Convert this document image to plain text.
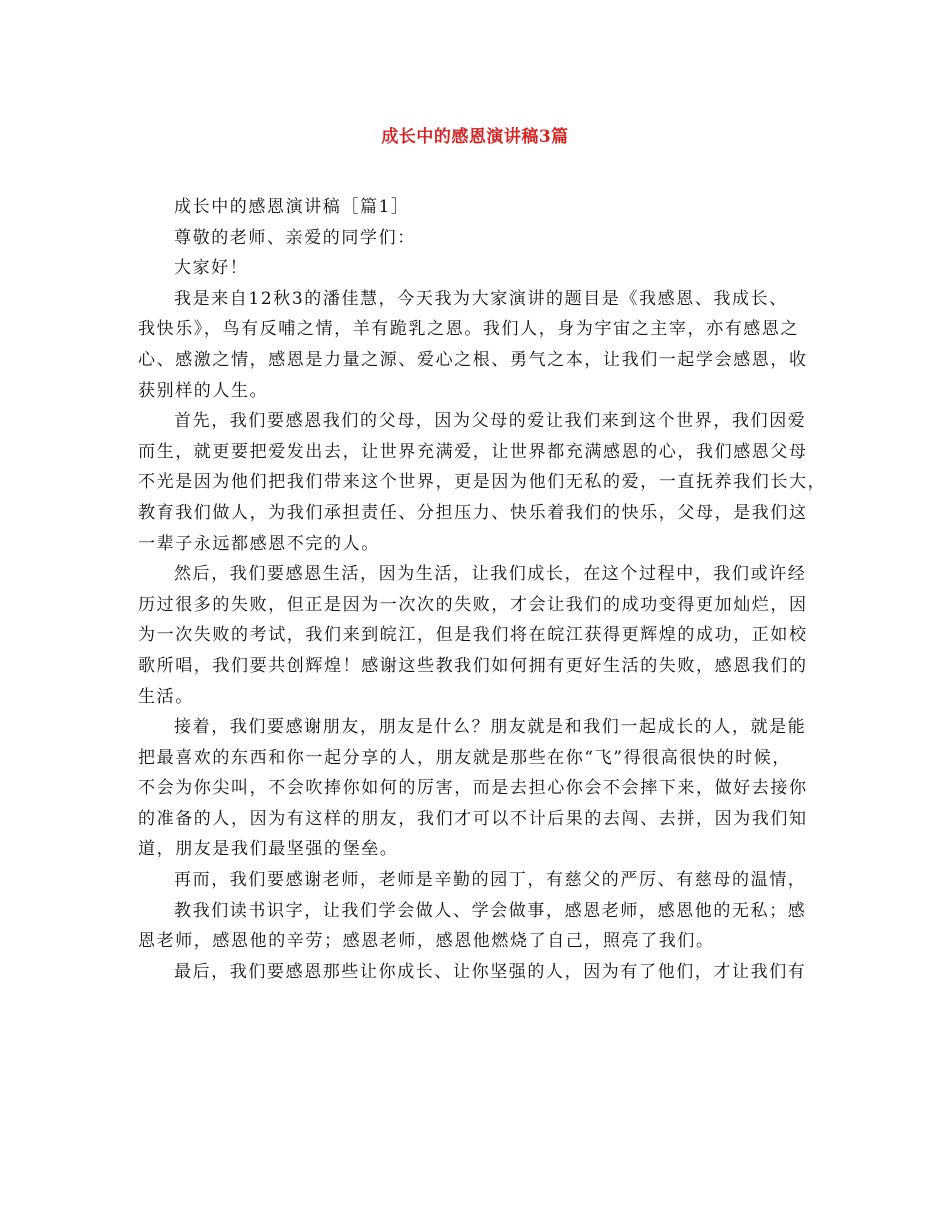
成长中的感恩演讲稿3篇
成长中的感恩演讲稿［篇1］
尊敬的老师、亲爱的同学们：
大家好！
我是来自12秋3的潘佳慧，今天我为大家演讲的题目是《我感恩、我成长、
我快乐》，鸟有反哺之情，羊有跪乳之恩。我们人，身为宇宙之主宰，亦有感恩之
心、感激之情，感恩是力量之源、爱心之根、勇气之本，让我们一起学会感恩，收
获别样的人生。
首先，我们要感恩我们的父母，因为父母的爱让我们来到这个世界，我们因爱
而生，就更要把爱发出去，让世界充满爱，让世界都充满感恩的心，我们感恩父母
不光是因为他们把我们带来这个世界，更是因为他们无私的爱，一直抚养我们长大，
教育我们做人，为我们承担责任、分担压力、快乐着我们的快乐，父母，是我们这
一辈子永远都感恩不完的人。
然后，我们要感恩生活，因为生活，让我们成长，在这个过程中，我们或许经
历过很多的失败，但正是因为一次次的失败，才会让我们的成功变得更加灿烂，因
为一次失败的考试，我们来到皖江，但是我们将在皖江获得更辉煌的成功，正如校
歌所唱，我们要共创辉煌！感谢这些教我们如何拥有更好生活的失败，感恩我们的
生活。
接着，我们要感谢朋友，朋友是什么？朋友就是和我们一起成长的人，就是能
把最喜欢的东西和你一起分享的人，朋友就是那些在你“飞”得很高很快的时候，
不会为你尖叫，不会吹捧你如何的厉害，而是去担心你会不会摔下来，做好去接你
的准备的人，因为有这样的朋友，我们才可以不计后果的去闯、去拼，因为我们知
道，朋友是我们最坚强的堡垒。
再而，我们要感谢老师，老师是辛勤的园丁，有慈父的严厉、有慈母的温情，
教我们读书识字，让我们学会做人、学会做事，感恩老师，感恩他的无私；感
恩老师，感恩他的辛劳；感恩老师，感恩他燃烧了自己，照亮了我们。
最后，我们要感恩那些让你成长、让你坚强的人，因为有了他们，才让我们有
